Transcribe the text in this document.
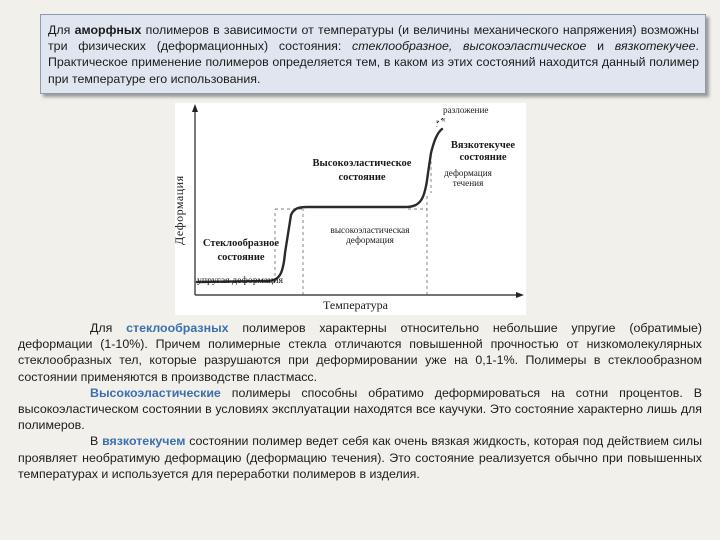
Для аморфных полимеров в зависимости от температуры (и величины механического напряжения) возможны три физических (деформационных) состояния: стеклообразное, высокоэластическое и вязкотекучее. Практическое применение полимеров определяется тем, в каком из этих состояний находится данный полимер при температуре его использования.
×
Деформация
Температура
Стеклообразное
состояние
Высокоэластическое
состояние
Вязкотекучее
состояние
упругая деформация
высокоэластическая
деформация
деформация
течения
разложение

Для стеклообразных полимеров характерны относительно небольшие упругие (обратимые) деформации (1-10%). Причем полимерные стекла отличаются повышенной прочностью от низкомолекулярных стеклообразных тел, которые разрушаются при деформировании уже на 0,1-1%. Полимеры в стеклообразном состоянии применяются в производстве пластмасс.

Высокоэластические полимеры способны обратимо деформироваться на сотни процентов. В высокоэластическом состоянии в условиях эксплуатации находятся все каучуки. Это состояние характерно лишь для полимеров.

В вязкотекучем состоянии полимер ведет себя как очень вязкая жидкость, которая под действием силы проявляет необратимую деформацию (деформацию течения). Это состояние реализуется обычно при повышенных температурах и используется для переработки полимеров в изделия.
